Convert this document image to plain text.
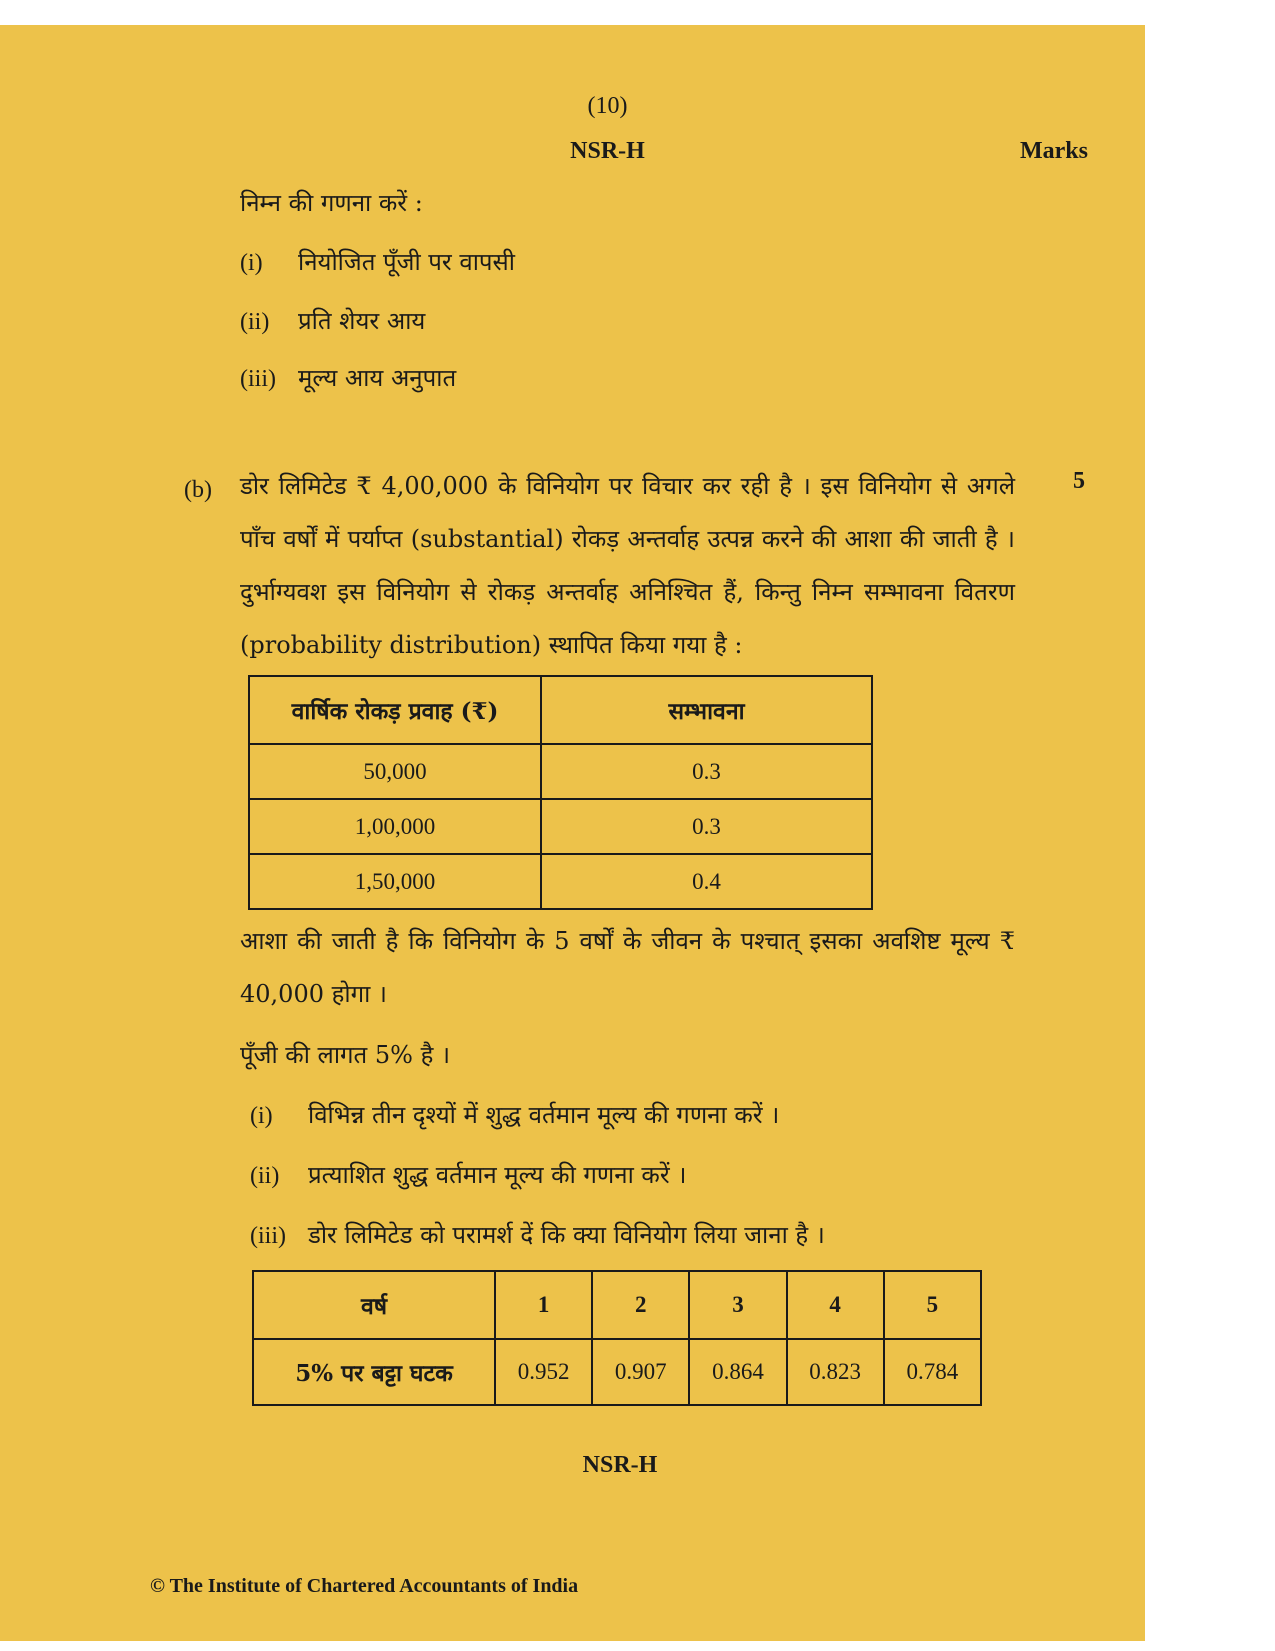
(10)
NSR-H	Marks
निम्न की गणना करें :
(i) नियोजित पूँजी पर वापसी
(ii) प्रति शेयर आय
(iii) मूल्य आय अनुपात
(b)	5
डोर लिमिटेड ₹ 4,00,000 के विनियोग पर विचार कर रही है । इस विनियोग से अगले पाँच वर्षों में पर्याप्त (substantial) रोकड़ अन्तर्वाह उत्पन्न करने की आशा की जाती है । दुर्भाग्यवश इस विनियोग से रोकड़ अन्तर्वाह अनिश्चित हैं, किन्तु निम्न सम्भावना वितरण (probability distribution) स्थापित किया गया है :
वार्षिक रोकड़ प्रवाह (₹)	सम्भावना
50,000	0.3
1,00,000	0.3
1,50,000	0.4
आशा की जाती है कि विनियोग के 5 वर्षों के जीवन के पश्चात् इसका अवशिष्ट मूल्य ₹ 40,000 होगा ।
पूँजी की लागत 5% है ।
(i) विभिन्न तीन दृश्यों में शुद्ध वर्तमान मूल्य की गणना करें ।
(ii) प्रत्याशित शुद्ध वर्तमान मूल्य की गणना करें ।
(iii) डोर लिमिटेड को परामर्श दें कि क्या विनियोग लिया जाना है ।
वर्ष	1	2	3	4	5
5% पर बट्टा घटक	0.952	0.907	0.864	0.823	0.784
NSR-H
© The Institute of Chartered Accountants of India
